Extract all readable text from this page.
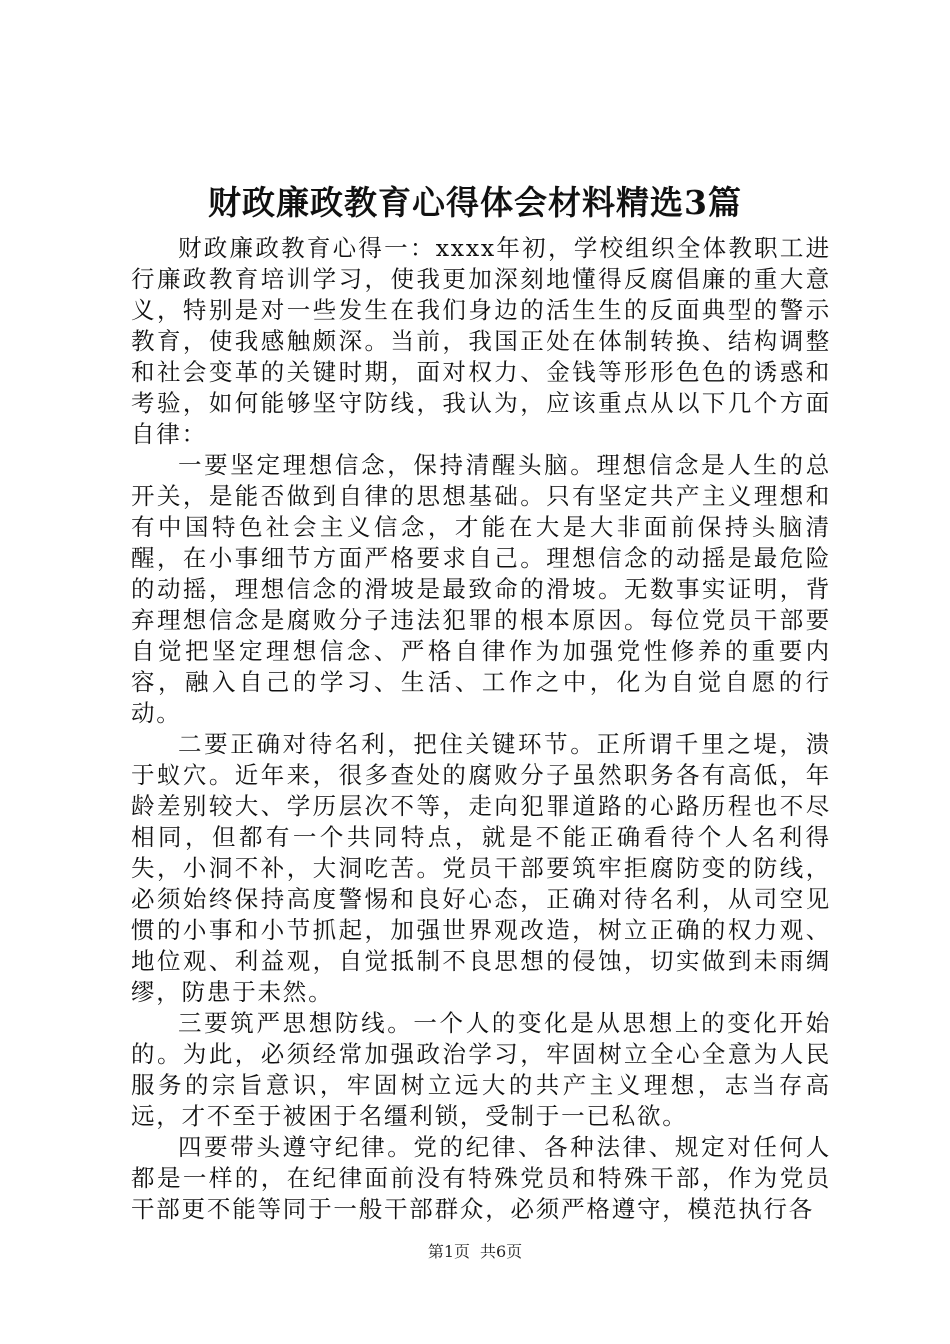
财政廉政教育心得体会材料精选3篇

财政廉政教育心得一：xxxx年初，学校组织全体教职工进行廉政教育培训学习，使我更加深刻地懂得反腐倡廉的重大意义，特别是对一些发生在我们身边的活生生的反面典型的警示教育，使我感触颇深。当前，我国正处在体制转换、结构调整和社会变革的关键时期，面对权力、金钱等形形色色的诱惑和考验，如何能够坚守防线，我认为，应该重点从以下几个方面自律：

一要坚定理想信念，保持清醒头脑。理想信念是人生的总开关，是能否做到自律的思想基础。只有坚定共产主义理想和有中国特色社会主义信念，才能在大是大非面前保持头脑清醒，在小事细节方面严格要求自己。理想信念的动摇是最危险的动摇，理想信念的滑坡是最致命的滑坡。无数事实证明，背弃理想信念是腐败分子违法犯罪的根本原因。每位党员干部要自觉把坚定理想信念、严格自律作为加强党性修养的重要内容，融入自己的学习、生活、工作之中，化为自觉自愿的行动。

二要正确对待名利，把住关键环节。正所谓千里之堤，溃于蚁穴。近年来，很多查处的腐败分子虽然职务各有高低，年龄差别较大、学历层次不等，走向犯罪道路的心路历程也不尽相同，但都有一个共同特点，就是不能正确看待个人名利得失，小洞不补，大洞吃苦。党员干部要筑牢拒腐防变的防线，必须始终保持高度警惕和良好心态，正确对待名利，从司空见惯的小事和小节抓起，加强世界观改造，树立正确的权力观、地位观、利益观，自觉抵制不良思想的侵蚀，切实做到未雨绸缪，防患于未然。

三要筑严思想防线。一个人的变化是从思想上的变化开始的。为此，必须经常加强政治学习，牢固树立全心全意为人民服务的宗旨意识，牢固树立远大的共产主义理想，志当存高远，才不至于被困于名缰利锁，受制于一已私欲。

四要带头遵守纪律。党的纪律、各种法律、规定对任何人都是一样的，在纪律面前没有特殊党员和特殊干部，作为党员干部更不能等同于一般干部群众，必须严格遵守，模范执行各

第1页 共6页
